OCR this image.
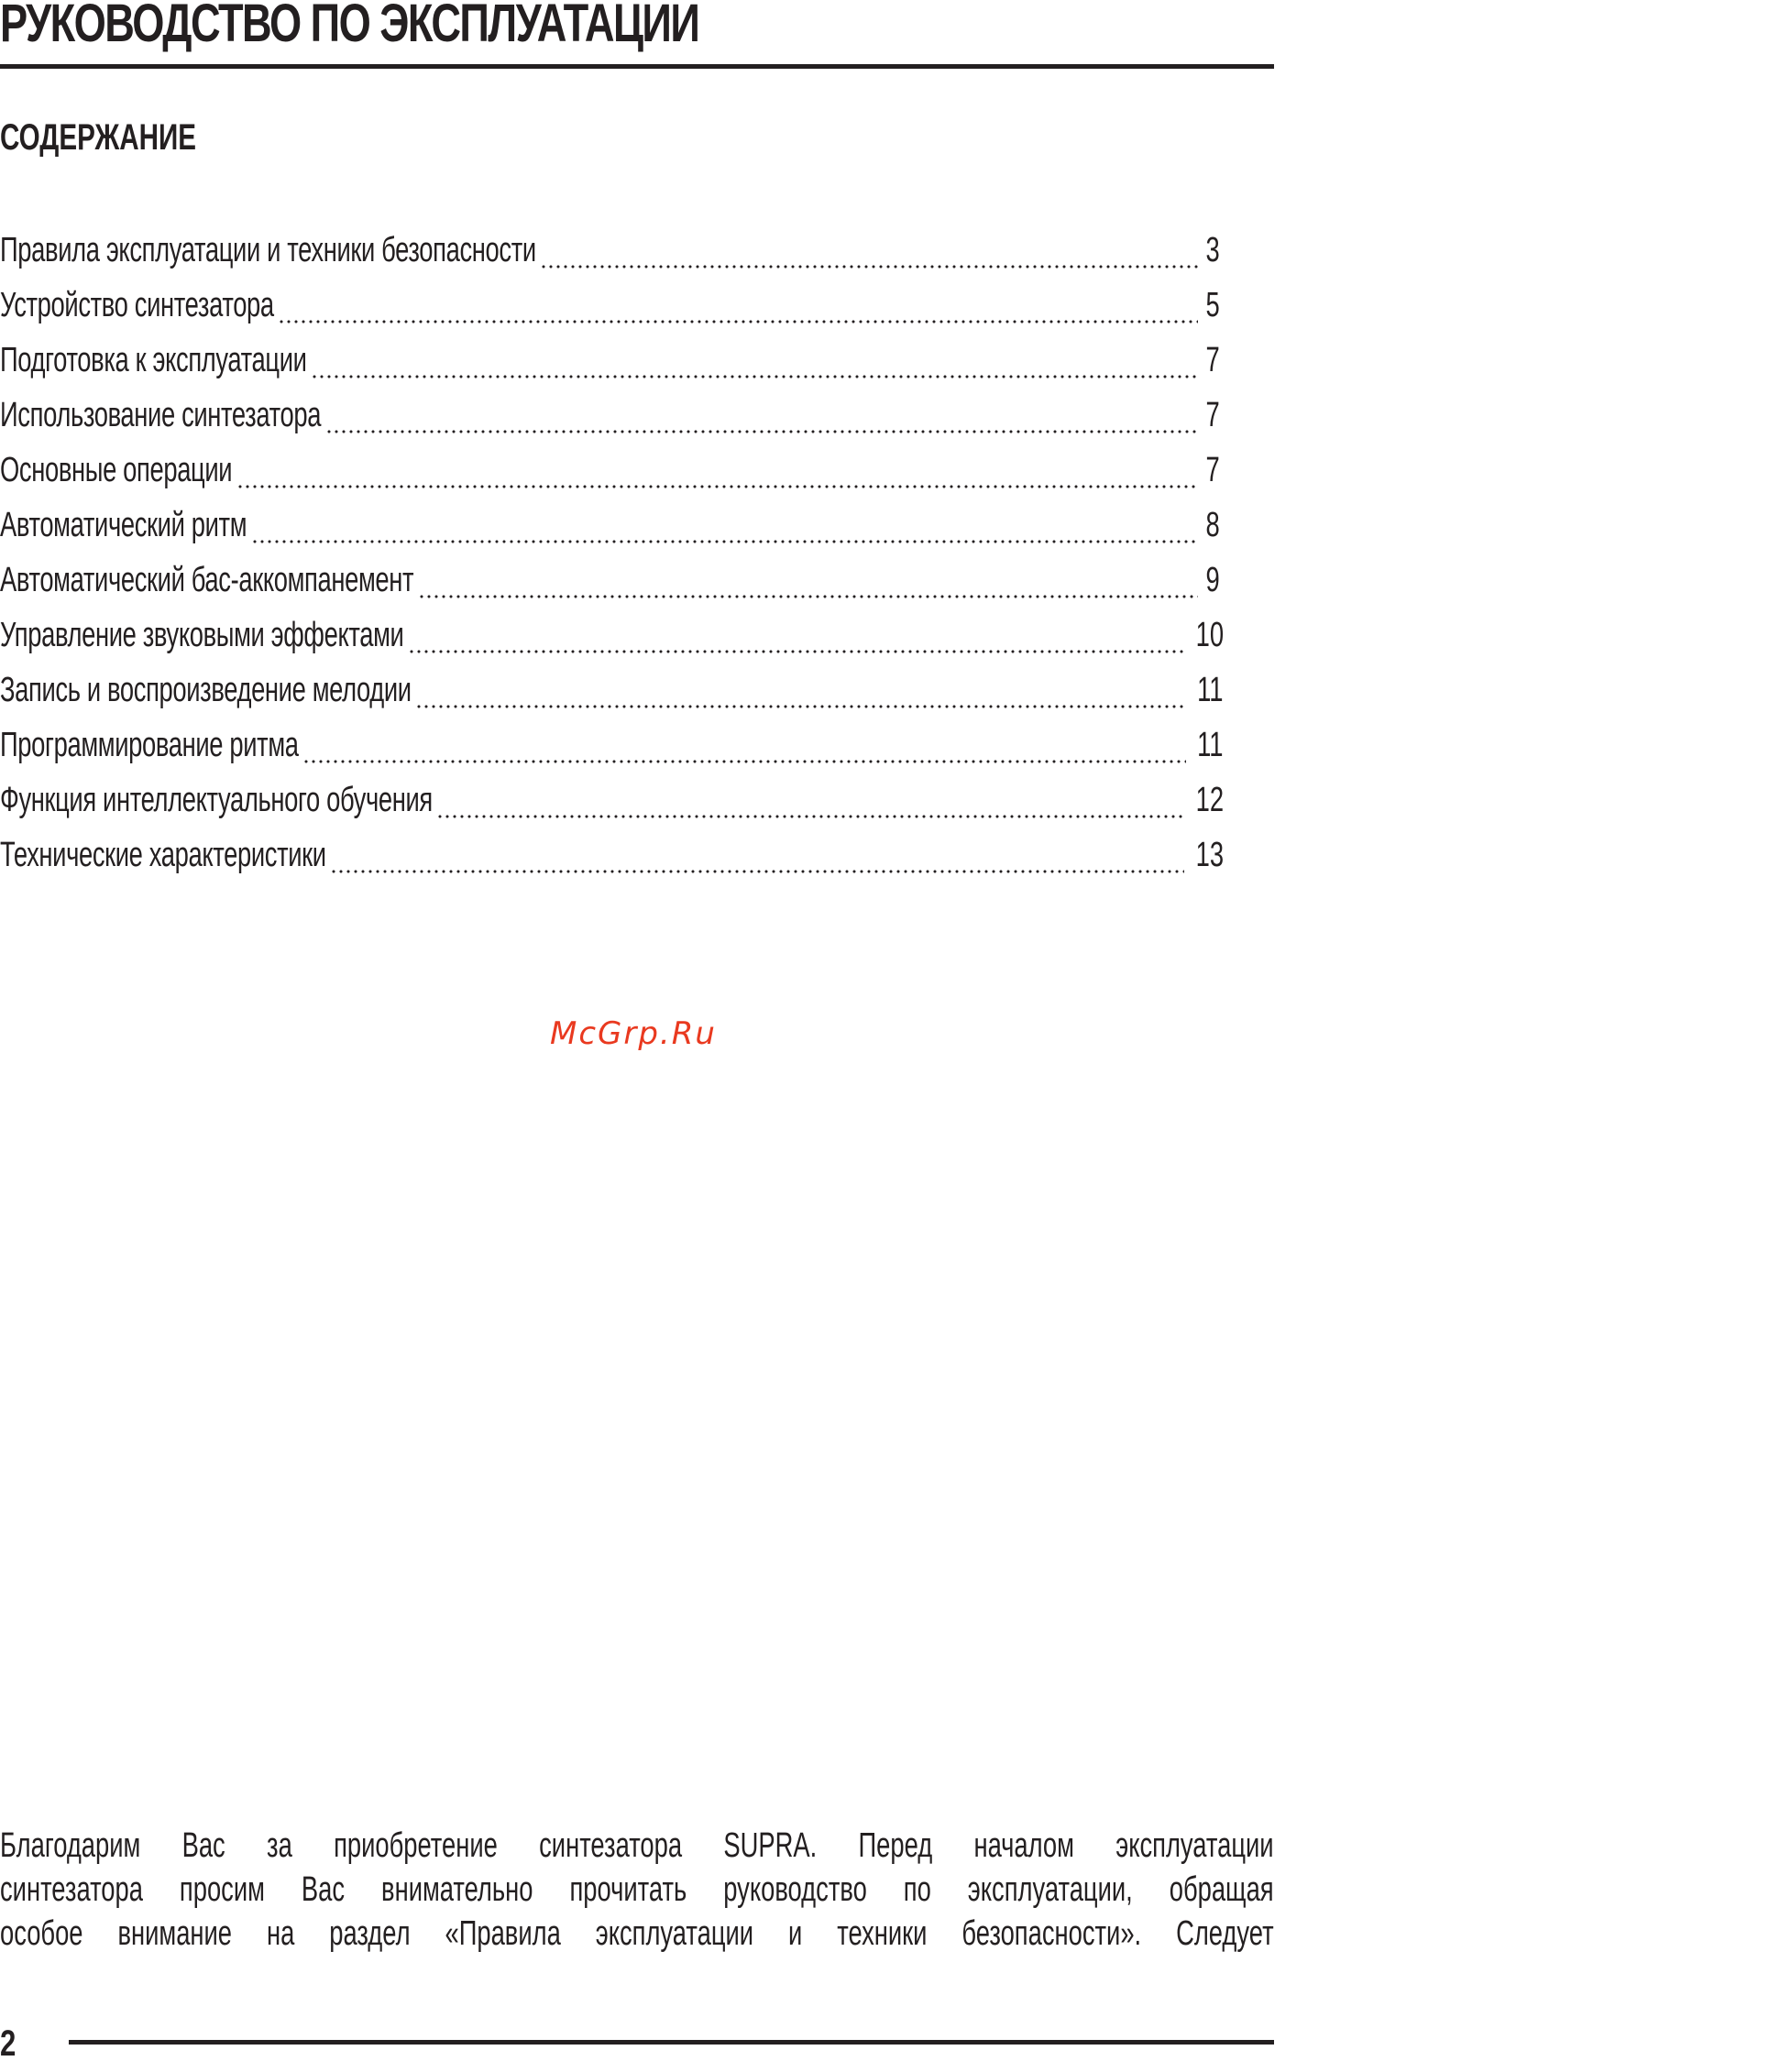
РУКОВОДСТВО ПО ЭКСПЛУАТАЦИИ
СОДЕРЖАНИЕ
Правила эксплуатации и техники безопасности	3
Устройство синтезатора	5
Подготовка к эксплуатации	7
Использование синтезатора	7
Основные операции	7
Автоматический ритм	8
Автоматический бас-аккомпанемент	9
Управление звуковыми эффектами	10
Запись и воспроизведение мелодии	11
Программирование ритма	11
Функция интеллектуального обучения	12
Технические характеристики	13
McGrp.Ru
Благодарим Вас за приобретение синтезатора SUPRA. Перед началом эксплуатации
синтезатора просим Вас внимательно прочитать руководство по эксплуатации, обращая
особое внимание на раздел «Правила эксплуатации и техники безопасности». Следует
2
